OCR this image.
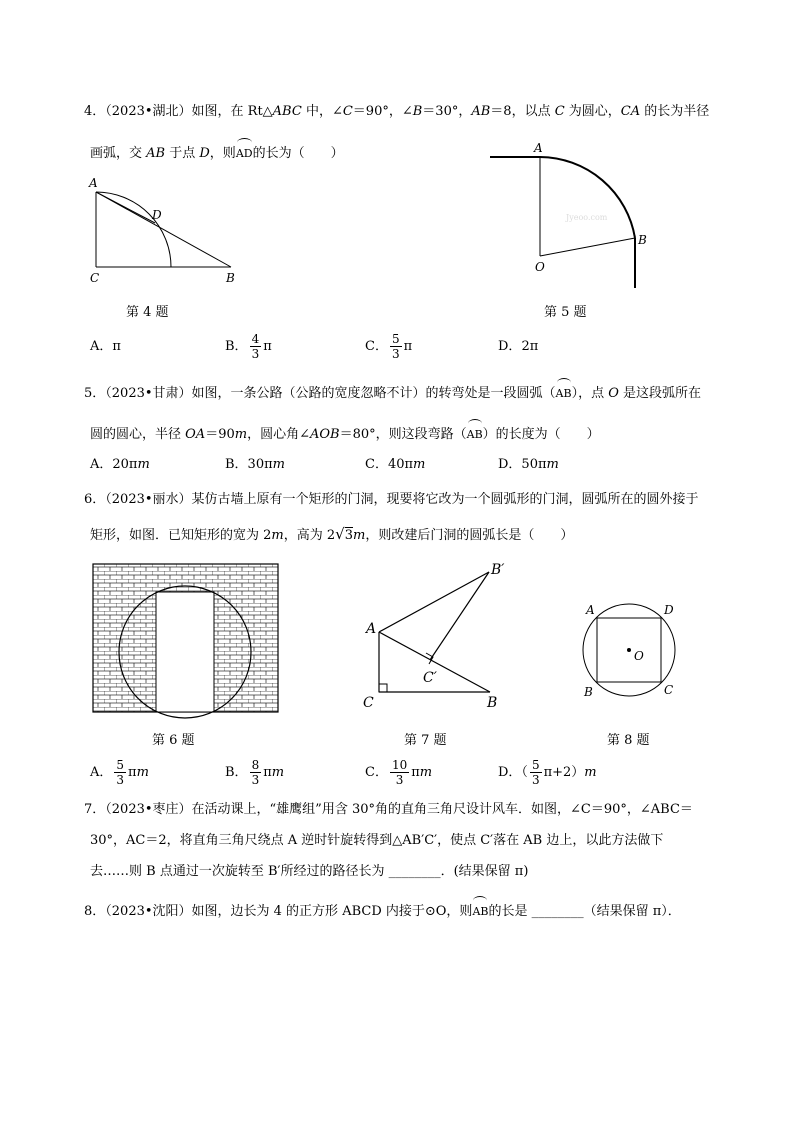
4．（2023•湖北）如图，在 Rt△ABC 中，∠C＝90°，∠B＝30°，AB＝8，以点 C 为圆心，CA 的长为半径
画弧，交 AB 于点 D，则AD的长为（　　）
A
D
C	B
第 4 题
A
B
O
Jyeoo.com
第 5 题
A．π	B． $\frac{4}{3}$ π	C． $\frac{5}{3}$ π	D．2π
5．（2023•甘肃）如图，一条公路（公路的宽度忽略不计）的转弯处是一段圆弧（AB），点 O 是这段弧所在
圆的圆心，半径 OA＝90m，圆心角∠AOB＝80°，则这段弯路（AB）的长度为（　　）
A．20πm	B．30πm	C．40πm	D．50πm
6．（2023•丽水）某仿古墙上原有一个矩形的门洞，现要将它改为一个圆弧形的门洞，圆弧所在的圆外接于
矩形，如图．已知矩形的宽为 2m，高为 2√3m，则改建后门洞的圆弧长是（　　）
第 6 题
A
B′
C′
C	B
第 7 题
A	D
O
B	C
第 8 题
A． $\frac{5}{3}$ πm	B． $\frac{8}{3}$ πm	C． $\frac{10}{3}$ πm	D．（ $\frac{5}{3} \pi+2)m$
7．（2023•枣庄）在活动课上，“雄鹰组”用含 30°角的直角三角尺设计风车．如图，∠C＝90°，∠ABC＝
30°，AC＝2，将直角三角尺绕点 A 逆时针旋转得到△AB′C′，使点 C′落在 AB 边上，以此方法做下
去……则 B 点通过一次旋转至 B′所经过的路径长为 ________．(结果保留 π)
8．（2023•沈阳）如图，边长为 4 的正方形 ABCD 内接于⊙O，则AB的长是 ________（结果保留 π）．
